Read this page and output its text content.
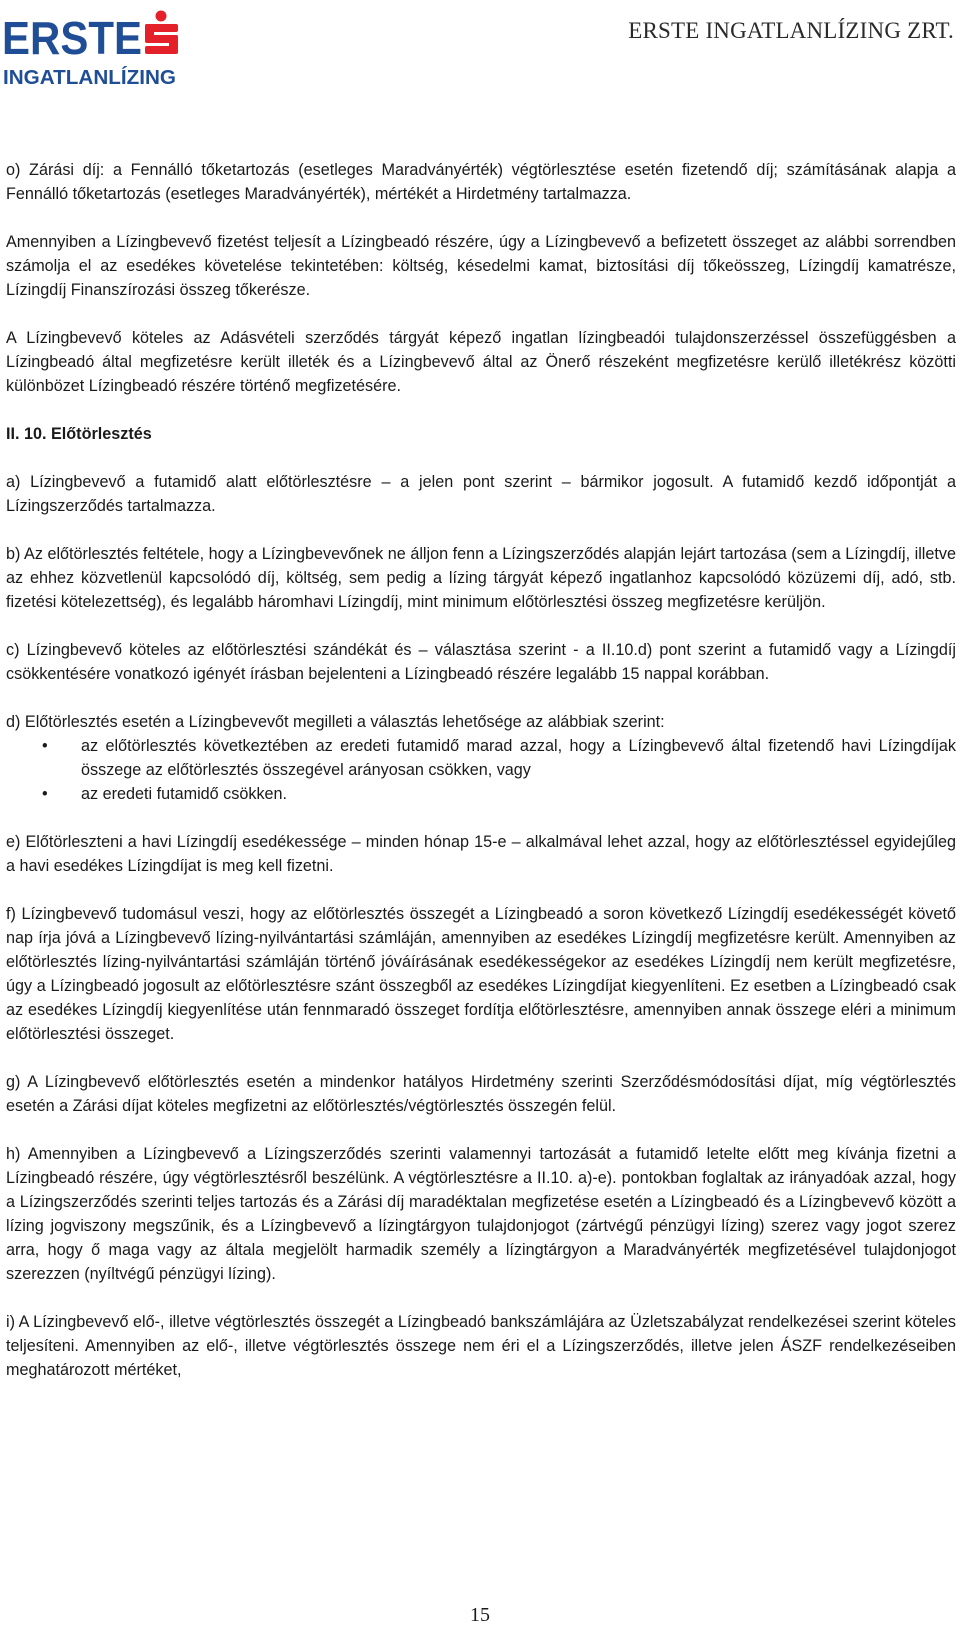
ERSTE
INGATLANLÍZING
ERSTE INGATLANLÍZING ZRT.

o) Zárási díj: a Fennálló tőketartozás (esetleges Maradványérték) végtörlesztése esetén fizetendő díj; számításának alapja a Fennálló tőketartozás (esetleges Maradványérték), mértékét a Hirdetmény tartalmazza.

Amennyiben a Lízingbevevő fizetést teljesít a Lízingbeadó részére, úgy a Lízingbevevő a befizetett összeget az alábbi sorrendben számolja el az esedékes követelése tekintetében: költség, késedelmi kamat, biztosítási díj tőkeösszeg, Lízingdíj kamatrésze, Lízingdíj Finanszírozási összeg tőkerésze.

A Lízingbevevő köteles az Adásvételi szerződés tárgyát képező ingatlan lízingbeadói tulajdonszerzéssel összefüggésben a Lízingbeadó által megfizetésre került illeték és a Lízingbevevő által az Önerő részeként megfizetésre kerülő illetékrész közötti különbözet Lízingbeadó részére történő megfizetésére.

II. 10. Előtörlesztés

a) Lízingbevevő a futamidő alatt előtörlesztésre – a jelen pont szerint – bármikor jogosult. A futamidő kezdő időpontját a Lízingszerződés tartalmazza.

b) Az előtörlesztés feltétele, hogy a Lízingbevevőnek ne álljon fenn a Lízingszerződés alapján lejárt tartozása (sem a Lízingdíj, illetve az ehhez közvetlenül kapcsolódó díj, költség, sem pedig a lízing tárgyát képező ingatlanhoz kapcsolódó közüzemi díj, adó, stb. fizetési kötelezettség), és legalább háromhavi Lízingdíj, mint minimum előtörlesztési összeg megfizetésre kerüljön.

c) Lízingbevevő köteles az előtörlesztési szándékát és – választása szerint - a II.10.d) pont szerint a futamidő vagy a Lízingdíj csökkentésére vonatkozó igényét írásban bejelenteni a Lízingbeadó részére legalább 15 nappal korábban.

d) Előtörlesztés esetén a Lízingbevevőt megilleti a választás lehetősége az alábbiak szerint:

• az előtörlesztés következtében az eredeti futamidő marad azzal, hogy a Lízingbevevő által fizetendő havi Lízingdíjak összege az előtörlesztés összegével arányosan csökken, vagy
• az eredeti futamidő csökken.

e) Előtörleszteni a havi Lízingdíj esedékessége – minden hónap 15-e – alkalmával lehet azzal, hogy az előtörlesztéssel egyidejűleg a havi esedékes Lízingdíjat is meg kell fizetni.

f) Lízingbevevő tudomásul veszi, hogy az előtörlesztés összegét a Lízingbeadó a soron következő Lízingdíj esedékességét követő nap írja jóvá a Lízingbevevő lízing-nyilvántartási számláján, amennyiben az esedékes Lízingdíj megfizetésre került. Amennyiben az előtörlesztés lízing-nyilvántartási számláján történő jóváírásának esedékességekor az esedékes Lízingdíj nem került megfizetésre, úgy a Lízingbeadó jogosult az előtörlesztésre szánt összegből az esedékes Lízingdíjat kiegyenlíteni. Ez esetben a Lízingbeadó csak az esedékes Lízingdíj kiegyenlítése után fennmaradó összeget fordítja előtörlesztésre, amennyiben annak összege eléri a minimum előtörlesztési összeget.

g) A Lízingbevevő előtörlesztés esetén a mindenkor hatályos Hirdetmény szerinti Szerződésmódosítási díjat, míg végtörlesztés esetén a Zárási díjat köteles megfizetni az előtörlesztés/végtörlesztés összegén felül.

h) Amennyiben a Lízingbevevő a Lízingszerződés szerinti valamennyi tartozását a futamidő letelte előtt meg kívánja fizetni a Lízingbeadó részére, úgy végtörlesztésről beszélünk. A végtörlesztésre a II.10. a)-e). pontokban foglaltak az irányadóak azzal, hogy a Lízingszerződés szerinti teljes tartozás és a Zárási díj maradéktalan megfizetése esetén a Lízingbeadó és a Lízingbevevő között a lízing jogviszony megszűnik, és a Lízingbevevő a lízingtárgyon tulajdonjogot (zártvégű pénzügyi lízing) szerez vagy jogot szerez arra, hogy ő maga vagy az általa megjelölt harmadik személy a lízingtárgyon a Maradványérték megfizetésével tulajdonjogot szerezzen (nyíltvégű pénzügyi lízing).

i) A Lízingbevevő elő-, illetve végtörlesztés összegét a Lízingbeadó bankszámlájára az Üzletszabályzat rendelkezései szerint köteles teljesíteni. Amennyiben az elő-, illetve végtörlesztés összege nem éri el a Lízingszerződés, illetve jelen ÁSZF rendelkezéseiben meghatározott mértéket,

15
